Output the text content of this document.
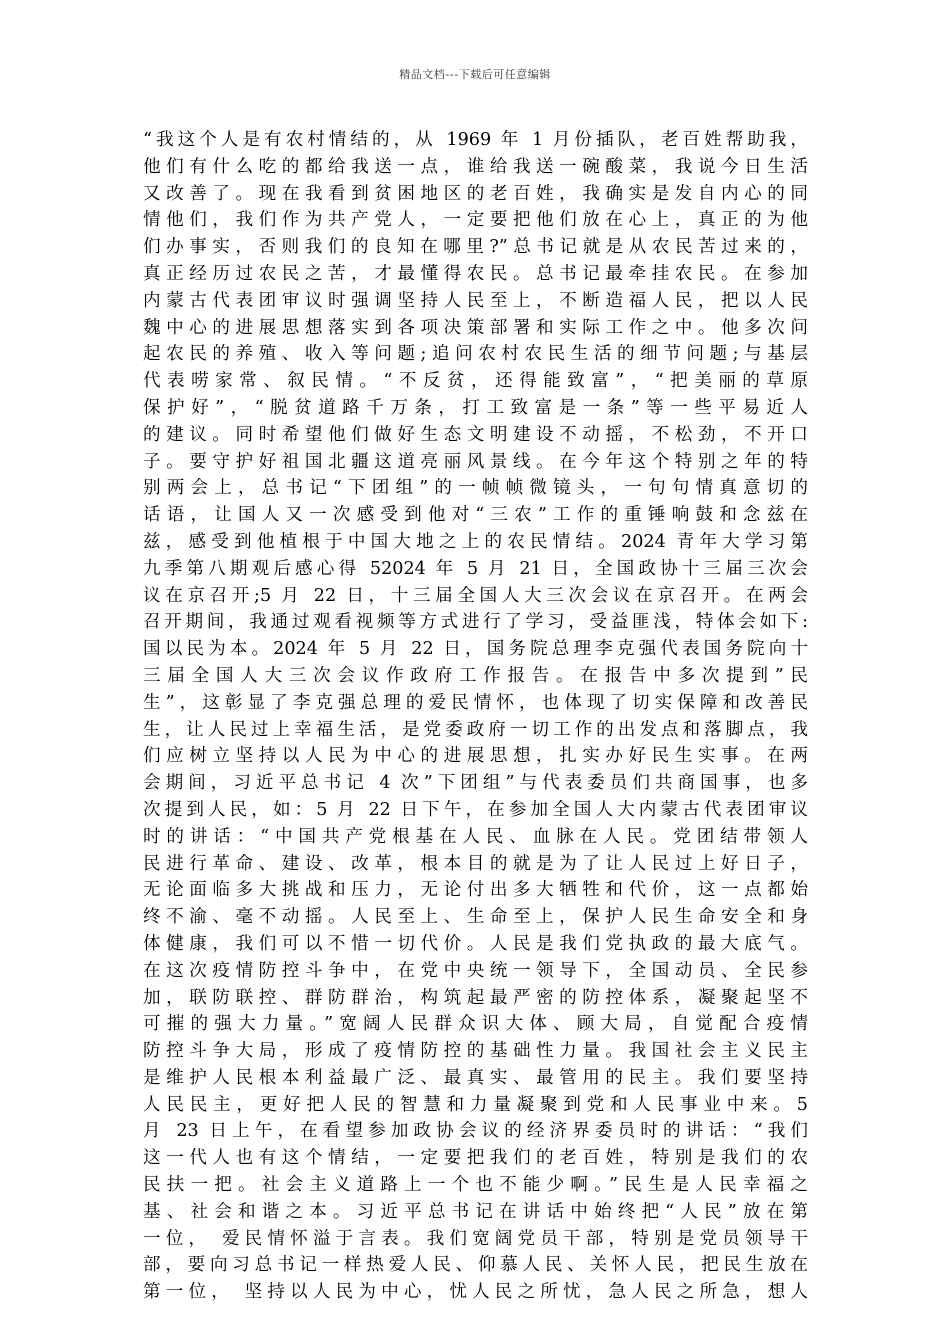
精品文档---下载后可任意编辑
“我这个人是有农村情结的，从 1969 年 1 月份插队，老百姓帮助我，
他们有什么吃的都给我送一点，谁给我送一碗酸菜，我说今日生活
又改善了。现在我看到贫困地区的老百姓，我确实是发自内心的同
情他们，我们作为共产党人，一定要把他们放在心上，真正的为他
们办事实，否则我们的良知在哪里?”总书记就是从农民苦过来的，
真正经历过农民之苦，才最懂得农民。总书记最牵挂农民。在参加
内蒙古代表团审议时强调坚持人民至上，不断造福人民，把以人民
魏中心的进展思想落实到各项决策部署和实际工作之中。他多次问
起农民的养殖、收入等问题;追问农村农民生活的细节问题;与基层
代表唠家常、叙民情。“不反贫，还得能致富”，“把美丽的草原
保护好”，“脱贫道路千万条，打工致富是一条”等一些平易近人
的建议。同时希望他们做好生态文明建设不动摇，不松劲，不开口
子。要守护好祖国北疆这道亮丽风景线。在今年这个特别之年的特
别两会上，总书记“下团组”的一帧帧微镜头，一句句情真意切的
话语，让国人又一次感受到他对“三农”工作的重锤响鼓和念兹在
兹，感受到他植根于中国大地之上的农民情结。2024 青年大学习第
九季第八期观后感心得 52024 年 5 月 21 日，全国政协十三届三次会
议在京召开;5 月 22 日，十三届全国人大三次会议在京召开。在两会
召开期间，我通过观看视频等方式进行了学习，受益匪浅，特体会如下:
国以民为本。2024 年 5 月 22 日，国务院总理李克强代表国务院向十
三届全国人大三次会议作政府工作报告。在报告中多次提到”民
生”，这彰显了李克强总理的爱民情怀，也体现了切实保障和改善民
生，让人民过上幸福生活，是党委政府一切工作的出发点和落脚点，我
们应树立坚持以人民为中心的进展思想，扎实办好民生实事。在两
会期间，习近平总书记 4 次”下团组”与代表委员们共商国事，也多
次提到人民，如：5 月 22 日下午，在参加全国人大内蒙古代表团审议
时的讲话：“中国共产党根基在人民、血脉在人民。党团结带领人
民进行革命、建设、改革，根本目的就是为了让人民过上好日子，
无论面临多大挑战和压力，无论付出多大牺牲和代价，这一点都始
终不渝、毫不动摇。人民至上、生命至上，保护人民生命安全和身
体健康，我们可以不惜一切代价。人民是我们党执政的最大底气。
在这次疫情防控斗争中，在党中央统一领导下，全国动员、全民参
加，联防联控、群防群治，构筑起最严密的防控体系，凝聚起坚不
可摧的强大力量。”宽阔人民群众识大体、顾大局，自觉配合疫情
防控斗争大局，形成了疫情防控的基础性力量。我国社会主义民主
是维护人民根本利益最广泛、最真实、最管用的民主。我们要坚持
人民民主，更好把人民的智慧和力量凝聚到党和人民事业中来。5
月 23 日上午，在看望参加政协会议的经济界委员时的讲话：“我们
这一代人也有这个情结，一定要把我们的老百姓，特别是我们的农
民扶一把。社会主义道路上一个也不能少啊。”民生是人民幸福之
基、社会和谐之本。习近平总书记在讲话中始终把“人民”放在第
一位， 爱民情怀溢于言表。我们宽阔党员干部，特别是党员领导干
部，要向习总书记一样热爱人民、仰慕人民、关怀人民，把民生放在
第一位， 坚持以人民为中心，忧人民之所忧，急人民之所急，想人
